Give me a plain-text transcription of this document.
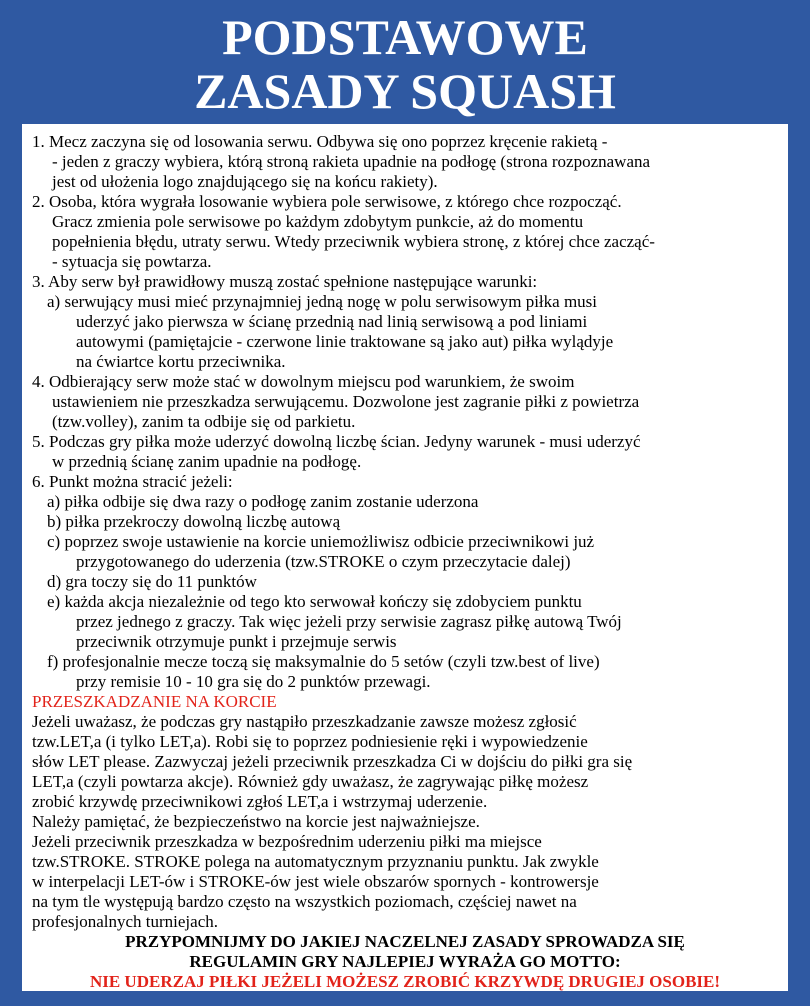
PODSTAWOWE
ZASADY SQUASH
1. Mecz zaczyna się od losowania serwu. Odbywa się ono poprzez kręcenie rakietą -
- jeden z graczy wybiera, którą stroną rakieta upadnie na podłogę (strona rozpoznawana
jest od ułożenia logo znajdującego się na końcu rakiety).
2. Osoba, która wygrała losowanie wybiera pole serwisowe, z którego chce rozpocząć.
Gracz zmienia pole serwisowe po każdym zdobytym punkcie, aż do momentu
popełnienia błędu, utraty serwu. Wtedy przeciwnik wybiera stronę, z której chce zacząć-
- sytuacja się powtarza.
3. Aby serw był prawidłowy muszą zostać spełnione następujące warunki:
a) serwujący musi mieć przynajmniej jedną nogę w polu serwisowym piłka musi
uderzyć jako pierwsza w ścianę przednią nad linią serwisową a pod liniami
autowymi (pamiętajcie - czerwone linie traktowane są jako aut) piłka wylądyje
na ćwiartce kortu przeciwnika.
4. Odbierający serw może stać w dowolnym miejscu pod warunkiem, że swoim
ustawieniem nie przeszkadza serwującemu. Dozwolone jest zagranie piłki z powietrza
(tzw.volley), zanim ta odbije się od parkietu.
5. Podczas gry piłka może uderzyć dowolną liczbę ścian. Jedyny warunek - musi uderzyć
w przednią ścianę zanim upadnie na podłogę.
6. Punkt można stracić jeżeli:
a) piłka odbije się dwa razy o podłogę zanim zostanie uderzona
b) piłka przekroczy dowolną liczbę autową
c) poprzez swoje ustawienie na korcie uniemożliwisz odbicie przeciwnikowi już
przygotowanego do uderzenia (tzw.STROKE o czym przeczytacie dalej)
d) gra toczy się do 11 punktów
e) każda akcja niezależnie od tego kto serwował kończy się zdobyciem punktu
przez jednego z graczy. Tak więc jeżeli przy serwisie zagrasz piłkę autową Twój
przeciwnik otrzymuje punkt i przejmuje serwis
f) profesjonalnie mecze toczą się maksymalnie do 5 setów (czyli tzw.best of live)
przy remisie 10 - 10 gra się do 2 punktów przewagi.
PRZESZKADZANIE NA KORCIE
Jeżeli uważasz, że podczas gry nastąpiło przeszkadzanie zawsze możesz zgłosić
tzw.LET,a (i tylko LET,a). Robi się to poprzez podniesienie ręki i wypowiedzenie
słów LET please. Zazwyczaj jeżeli przeciwnik przeszkadza Ci w dojściu do piłki gra się
LET,a (czyli powtarza akcje). Również gdy uważasz, że zagrywając piłkę możesz
zrobić krzywdę przeciwnikowi zgłoś LET,a i wstrzymaj uderzenie.
Należy pamiętać, że bezpieczeństwo na korcie jest najważniejsze.
Jeżeli przeciwnik przeszkadza w bezpośrednim uderzeniu piłki ma miejsce
tzw.STROKE. STROKE polega na automatycznym przyznaniu punktu. Jak zwykle
w interpelacji LET-ów i STROKE-ów jest wiele obszarów spornych - kontrowersje
na tym tle występują bardzo często na wszystkich poziomach, częściej nawet na
profesjonalnych turniejach.
PRZYPOMNIJMY DO JAKIEJ NACZELNEJ ZASADY SPROWADZA SIĘ
REGULAMIN GRY NAJLEPIEJ WYRAŻA GO MOTTO:
NIE UDERZAJ PIŁKI JEŻELI MOŻESZ ZROBIĆ KRZYWDĘ DRUGIEJ OSOBIE!
